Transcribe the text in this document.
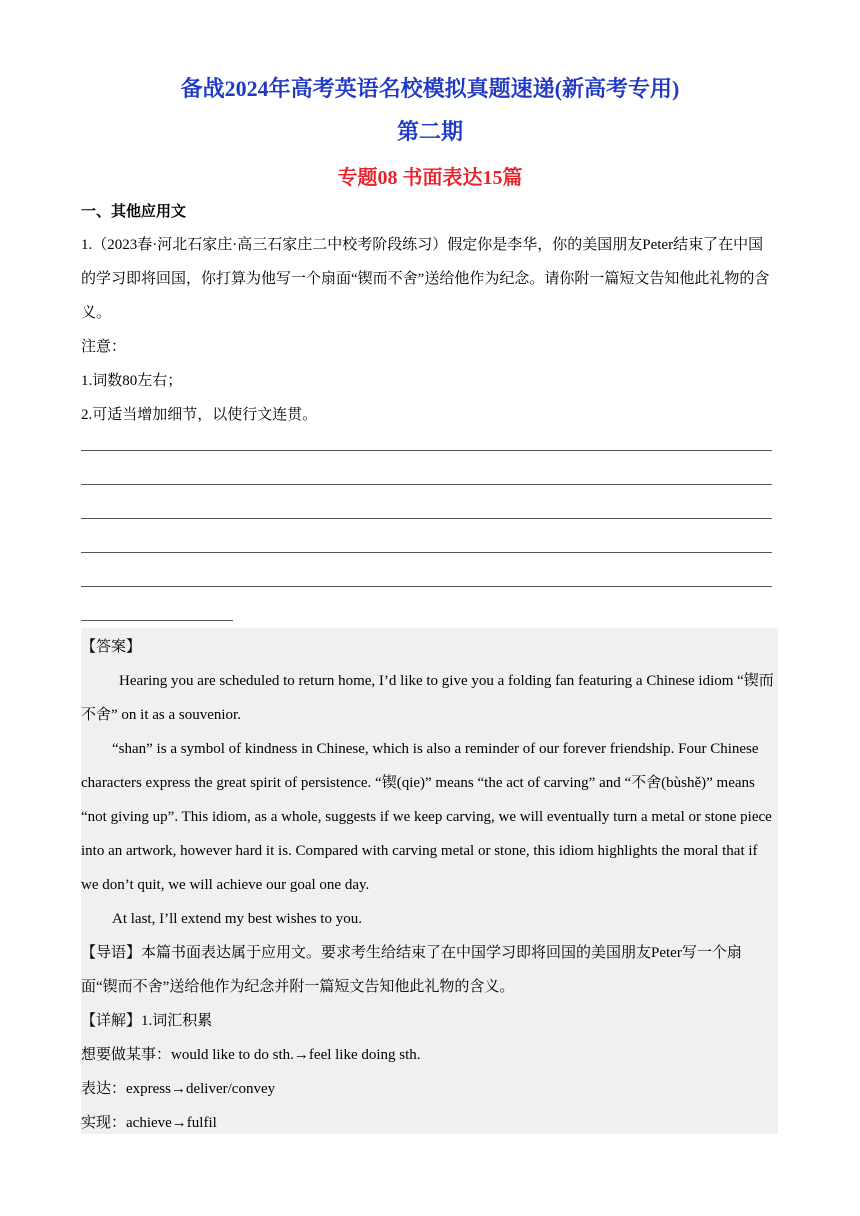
备战2024年高考英语名校模拟真题速递(新高考专用)
第二期
专题08 书面表达15篇
一、其他应用文

1.（2023春·河北石家庄·高三石家庄二中校考阶段练习）假定你是李华，你的美国朋友Peter结束了在中国的学习即将回国，你打算为他写一个扇面“锲而不舍”送给他作为纪念。请你附一篇短文告知他此礼物的含义。

注意：

1.词数80左右；

2.可适当增加细节，以使行文连贯。

【答案】

Hearing you are scheduled to return home, I’d like to give you a folding fan featuring a Chinese idiom “锲而不舍” on it as a souvenior.

“shan” is a symbol of kindness in Chinese, which is also a reminder of our forever friendship. Four Chinese characters express the great spirit of persistence. “锲(qie)” means “the act of carving” and “不舍(bùshě)” means “not giving up”. This idiom, as a whole, suggests if we keep carving, we will eventually turn a metal or stone piece into an artwork, however hard it is. Compared with carving metal or stone, this idiom highlights the moral that if we don’t quit, we will achieve our goal one day.

At last, I’ll extend my best wishes to you.

【导语】本篇书面表达属于应用文。要求考生给结束了在中国学习即将回国的美国朋友Peter写一个扇面“锲而不舍”送给他作为纪念并附一篇短文告知他此礼物的含义。

【详解】1.词汇积累

想要做某事：would like to do sth.→feel like doing sth.

表达：express→deliver/convey

实现：achieve→fulfil
